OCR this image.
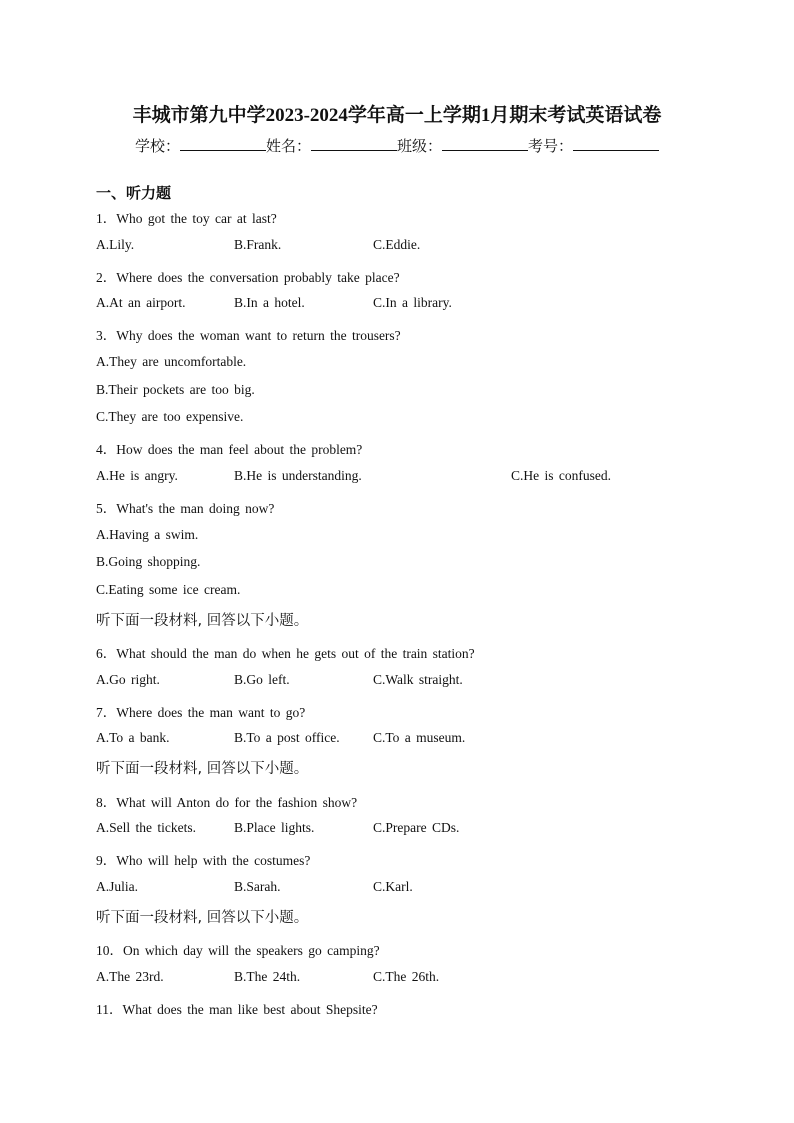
丰城市第九中学2023-2024学年高一上学期1月期末考试英语试卷
学校：	姓名：	班级：	考号：
一、听力题
1．Who got the toy car at last?
A.Lily.	B.Frank.	C.Eddie.
2．Where does the conversation probably take place?
A.At an airport.	B.In a hotel.	C.In a library.
3．Why does the woman want to return the trousers?
A.They are uncomfortable.
B.Their pockets are too big.
C.They are too expensive.
4．How does the man feel about the problem?
A.He is angry.	B.He is understanding.	C.He is confused.
5．What's the man doing now?
A.Having a swim.
B.Going shopping.
C.Eating some ice cream.
听下面一段材料, 回答以下小题。
6．What should the man do when he gets out of the train station?
A.Go right.	B.Go left.	C.Walk straight.
7．Where does the man want to go?
A.To a bank.	B.To a post office. C.To a museum.
听下面一段材料, 回答以下小题。
8．What will Anton do for the fashion show?
A.Sell the tickets.	B.Place lights.	C.Prepare CDs.
9．Who will help with the costumes?
A.Julia.	B.Sarah.	C.Karl.
听下面一段材料, 回答以下小题。
10．On which day will the speakers go camping?
A.The 23rd.	B.The 24th.	C.The 26th.
11．What does the man like best about Shepsite?
